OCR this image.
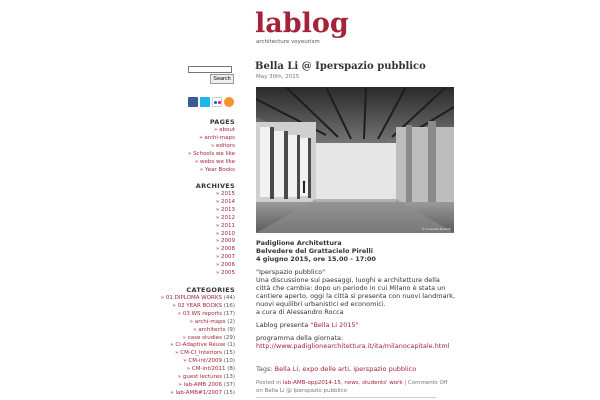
lablog
architecture voyeurism
Search
PAGES
» about
» archi-maps
» editors
» Schools we like
» webs we like
» Year Books
ARCHIVES
» 2015
» 2014
» 2013
» 2012
» 2011
» 2010
» 2009
» 2008
» 2007
» 2006
» 2005
CATEGORIES
» 01 DIPLOMA WORKS (44)
» 02 YEAR BOOKS (16)
» 03 WS reports (17)
» archi-maps (2)
» architects (9)
» case studies (29)
» CI-Adaptive Reuse (1)
» CM-CI_Interiors (15)
» CM-int/2009 (10)
» CM-int/2011 (8)
» guest lectures (13)
» lab-AMB 2006 (37)
» lab-AMB#1/2007 (15)
Bella Li @ Iperspazio pubblico
May 30th, 2015
© Universita del Pirelli

Padiglione Architettura

Belvedere del Grattacielo Pirelli

4 giugno 2015, ore 15.00 - 17:00

"Iperspazio pubblico"

Una discussione sui paesaggi, luoghi e architetture della città che cambia: dopo un periodo in cui Milano è stata un cantiere aperto, oggi la città si presenta con nuovi landmark, nuovi equilibri urbanistici ed economici.

a cura di Alessandro Rocca

Lablog presenta "Bella Li 2015"

programma della giornata:

http://www.padiglionearchitettura.it/ita/milanocapitale.html

Tags: Bella Li, expo delle arti, iperspazio pubblico
Posted in lab-AMB-opp2014-15, news, students' work | Comments Off on Bella Li @ Iperspazio pubblico
